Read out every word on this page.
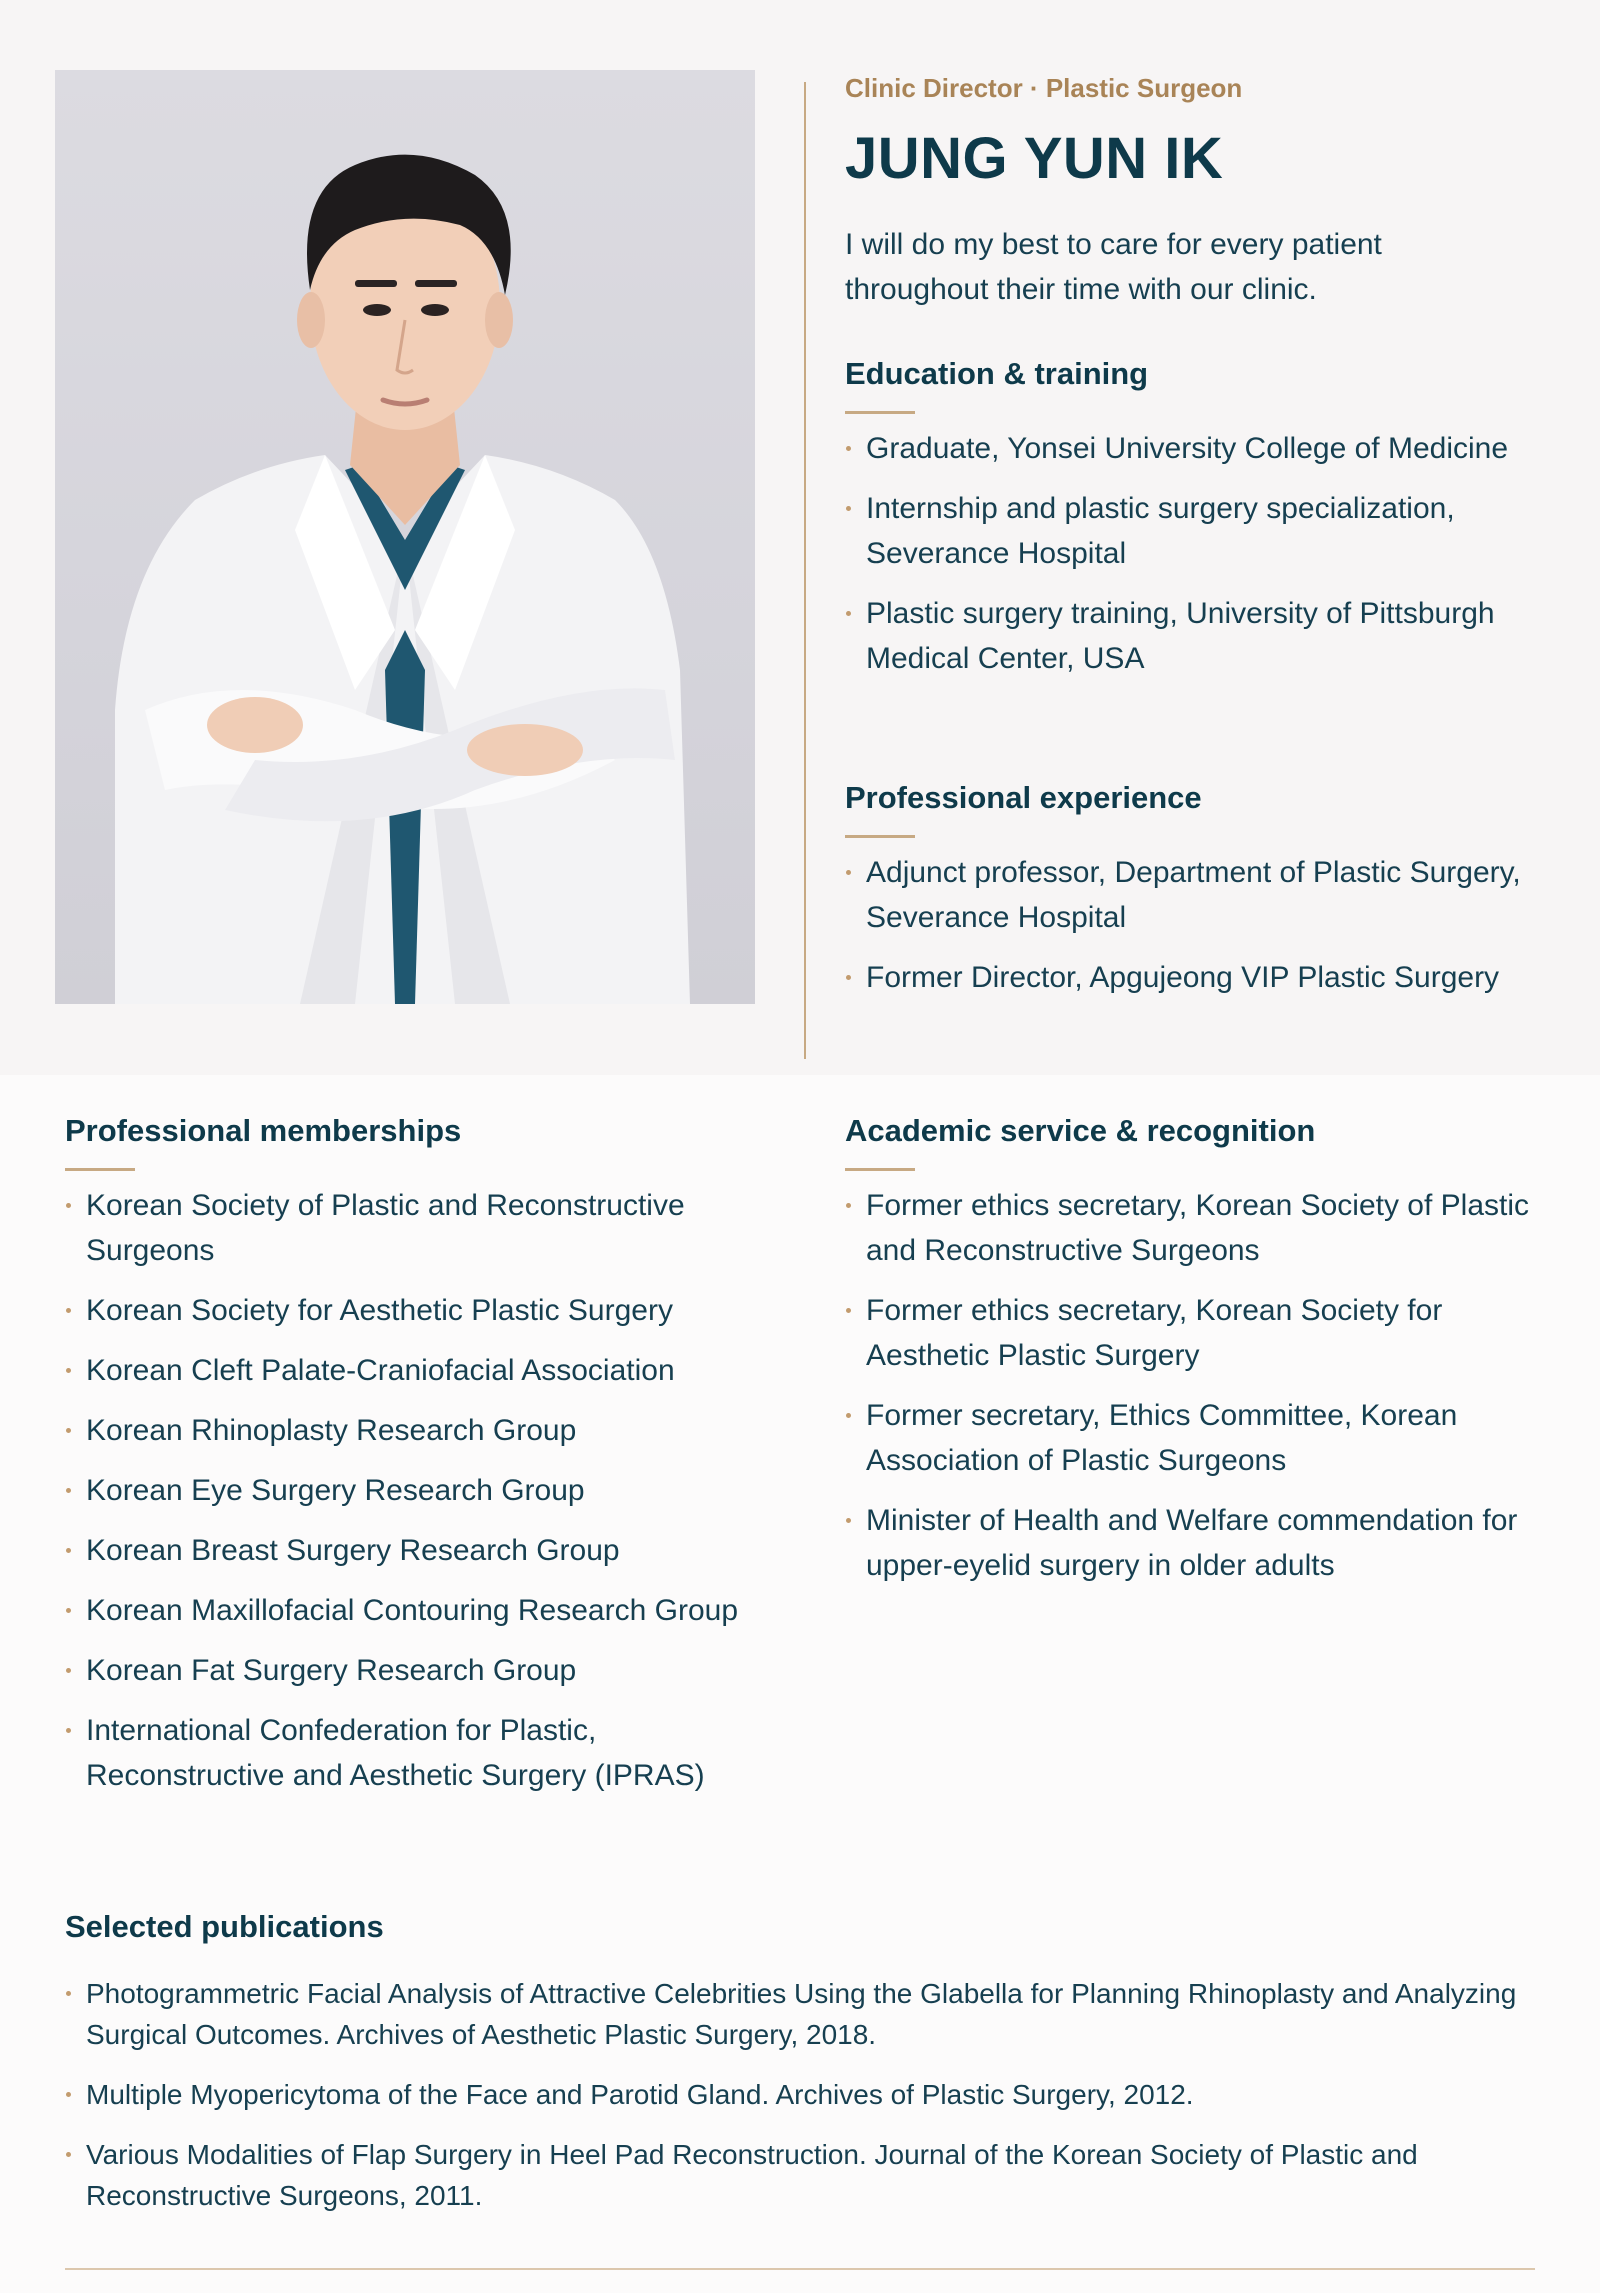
Clinic Director · Plastic Surgeon
JUNG YUN IK
I will do my best to care for every patient throughout their time with our clinic.
Education & training
Graduate, Yonsei University College of Medicine
Internship and plastic surgery specialization, Severance Hospital
Plastic surgery training, University of Pittsburgh Medical Center, USA
Professional experience
Adjunct professor, Department of Plastic Surgery, Severance Hospital
Former Director, Apgujeong VIP Plastic Surgery
Professional memberships
Korean Society of Plastic and Reconstructive Surgeons
Korean Society for Aesthetic Plastic Surgery
Korean Cleft Palate-Craniofacial Association
Korean Rhinoplasty Research Group
Korean Eye Surgery Research Group
Korean Breast Surgery Research Group
Korean Maxillofacial Contouring Research Group
Korean Fat Surgery Research Group
International Confederation for Plastic, Reconstructive and Aesthetic Surgery (IPRAS)
Academic service & recognition
Former ethics secretary, Korean Society of Plastic and Reconstructive Surgeons
Former ethics secretary, Korean Society for Aesthetic Plastic Surgery
Former secretary, Ethics Committee, Korean Association of Plastic Surgeons
Minister of Health and Welfare commendation for upper-eyelid surgery in older adults
Selected publications
Photogrammetric Facial Analysis of Attractive Celebrities Using the Glabella for Planning Rhinoplasty and Analyzing Surgical Outcomes. Archives of Aesthetic Plastic Surgery, 2018.
Multiple Myopericytoma of the Face and Parotid Gland. Archives of Plastic Surgery, 2012.
Various Modalities of Flap Surgery in Heel Pad Reconstruction. Journal of the Korean Society of Plastic and Reconstructive Surgeons, 2011.
